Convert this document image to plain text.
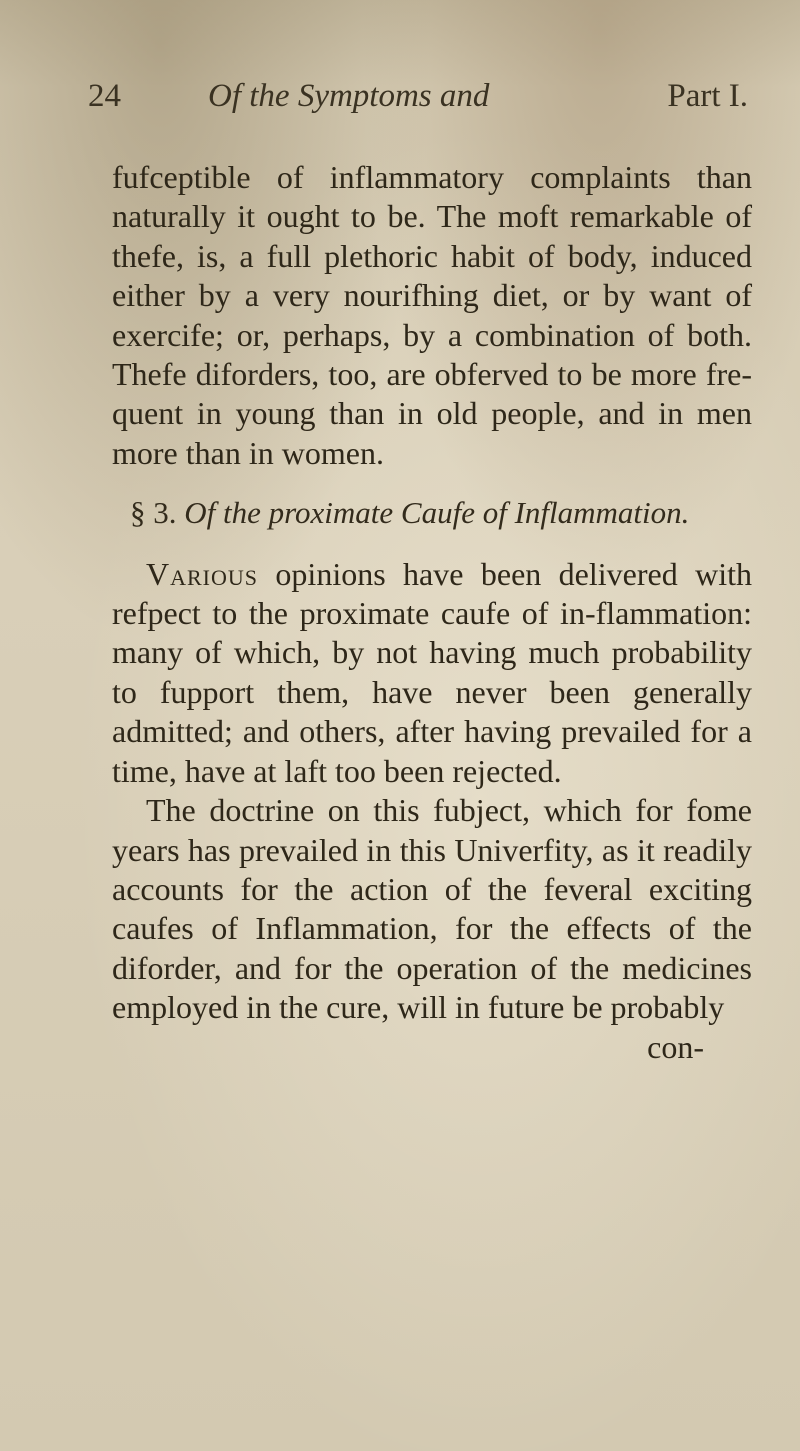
24	Of the Symptoms and	Part I.

fufceptible of inflammatory complaints than naturally it ought to be. The moft remarkable of thefe, is, a full plethoric habit of body, induced either by a very nourifhing diet, or by want of exercife; or, perhaps, by a combination of both. Thefe diforders, too, are obferved to be more fre-quent in young than in old people, and in men more than in women.

§ 3. Of the proximate Caufe of Inflammation.

Various opinions have been delivered with refpect to the proximate caufe of in-flammation: many of which, by not having much probability to fupport them, have never been generally admitted; and others, after having prevailed for a time, have at laft too been rejected.

The doctrine on this fubject, which for fome years has prevailed in this Univerfity, as it readily accounts for the action of the feveral exciting caufes of Inflammation, for the effects of the diforder, and for the operation of the medicines employed in the cure, will in future be probably

con-
